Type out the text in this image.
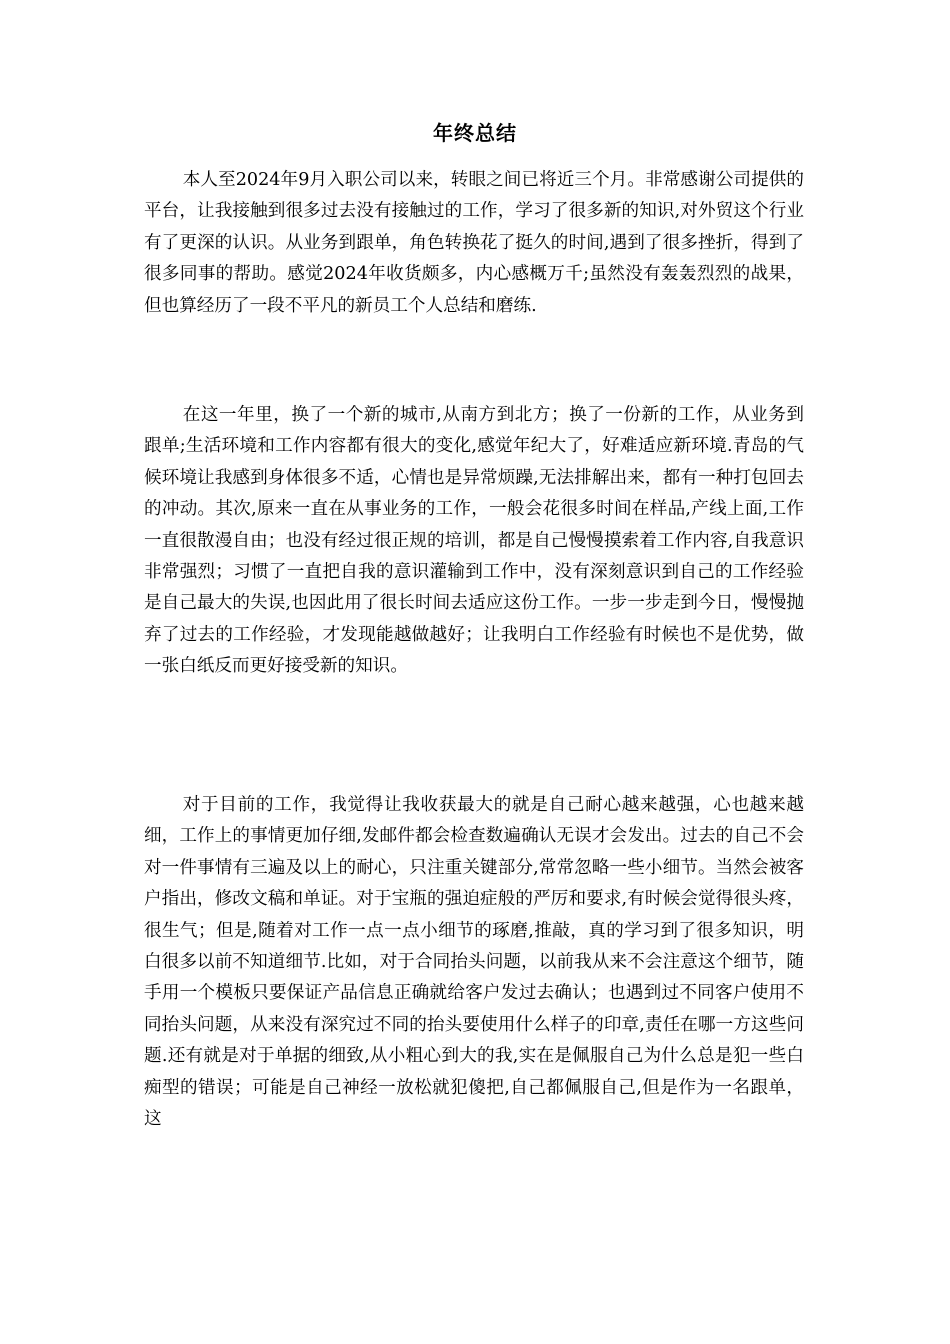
年终总结

本人至2024年9月入职公司以来，转眼之间已将近三个月。非常感谢公司提供的平台，让我接触到很多过去没有接触过的工作，学习了很多新的知识,对外贸这个行业有了更深的认识。从业务到跟单，角色转换花了挺久的时间,遇到了很多挫折，得到了很多同事的帮助。感觉2024年收货颇多，内心感概万千;虽然没有轰轰烈烈的战果，但也算经历了一段不平凡的新员工个人总结和磨练.

在这一年里，换了一个新的城市,从南方到北方；换了一份新的工作，从业务到跟单;生活环境和工作内容都有很大的变化,感觉年纪大了，好难适应新环境.青岛的气候环境让我感到身体很多不适，心情也是异常烦躁,无法排解出来，都有一种打包回去的冲动。其次,原来一直在从事业务的工作，一般会花很多时间在样品,产线上面,工作一直很散漫自由；也没有经过很正规的培训，都是自己慢慢摸索着工作内容,自我意识非常强烈；习惯了一直把自我的意识灌输到工作中，没有深刻意识到自己的工作经验是自己最大的失误,也因此用了很长时间去适应这份工作。一步一步走到今日，慢慢抛弃了过去的工作经验，才发现能越做越好；让我明白工作经验有时候也不是优势，做一张白纸反而更好接受新的知识。

对于目前的工作，我觉得让我收获最大的就是自己耐心越来越强，心也越来越细，工作上的事情更加仔细,发邮件都会检查数遍确认无误才会发出。过去的自己不会对一件事情有三遍及以上的耐心，只注重关键部分,常常忽略一些小细节。当然会被客户指出，修改文稿和单证。对于宝瓶的强迫症般的严厉和要求,有时候会觉得很头疼，很生气；但是,随着对工作一点一点小细节的琢磨,推敲，真的学习到了很多知识，明白很多以前不知道细节.比如，对于合同抬头问题，以前我从来不会注意这个细节，随手用一个模板只要保证产品信息正确就给客户发过去确认；也遇到过不同客户使用不同抬头问题，从来没有深究过不同的抬头要使用什么样子的印章,责任在哪一方这些问题.还有就是对于单据的细致,从小粗心到大的我,实在是佩服自己为什么总是犯一些白痴型的错误；可能是自己神经一放松就犯傻把,自己都佩服自己,但是作为一名跟单，这
